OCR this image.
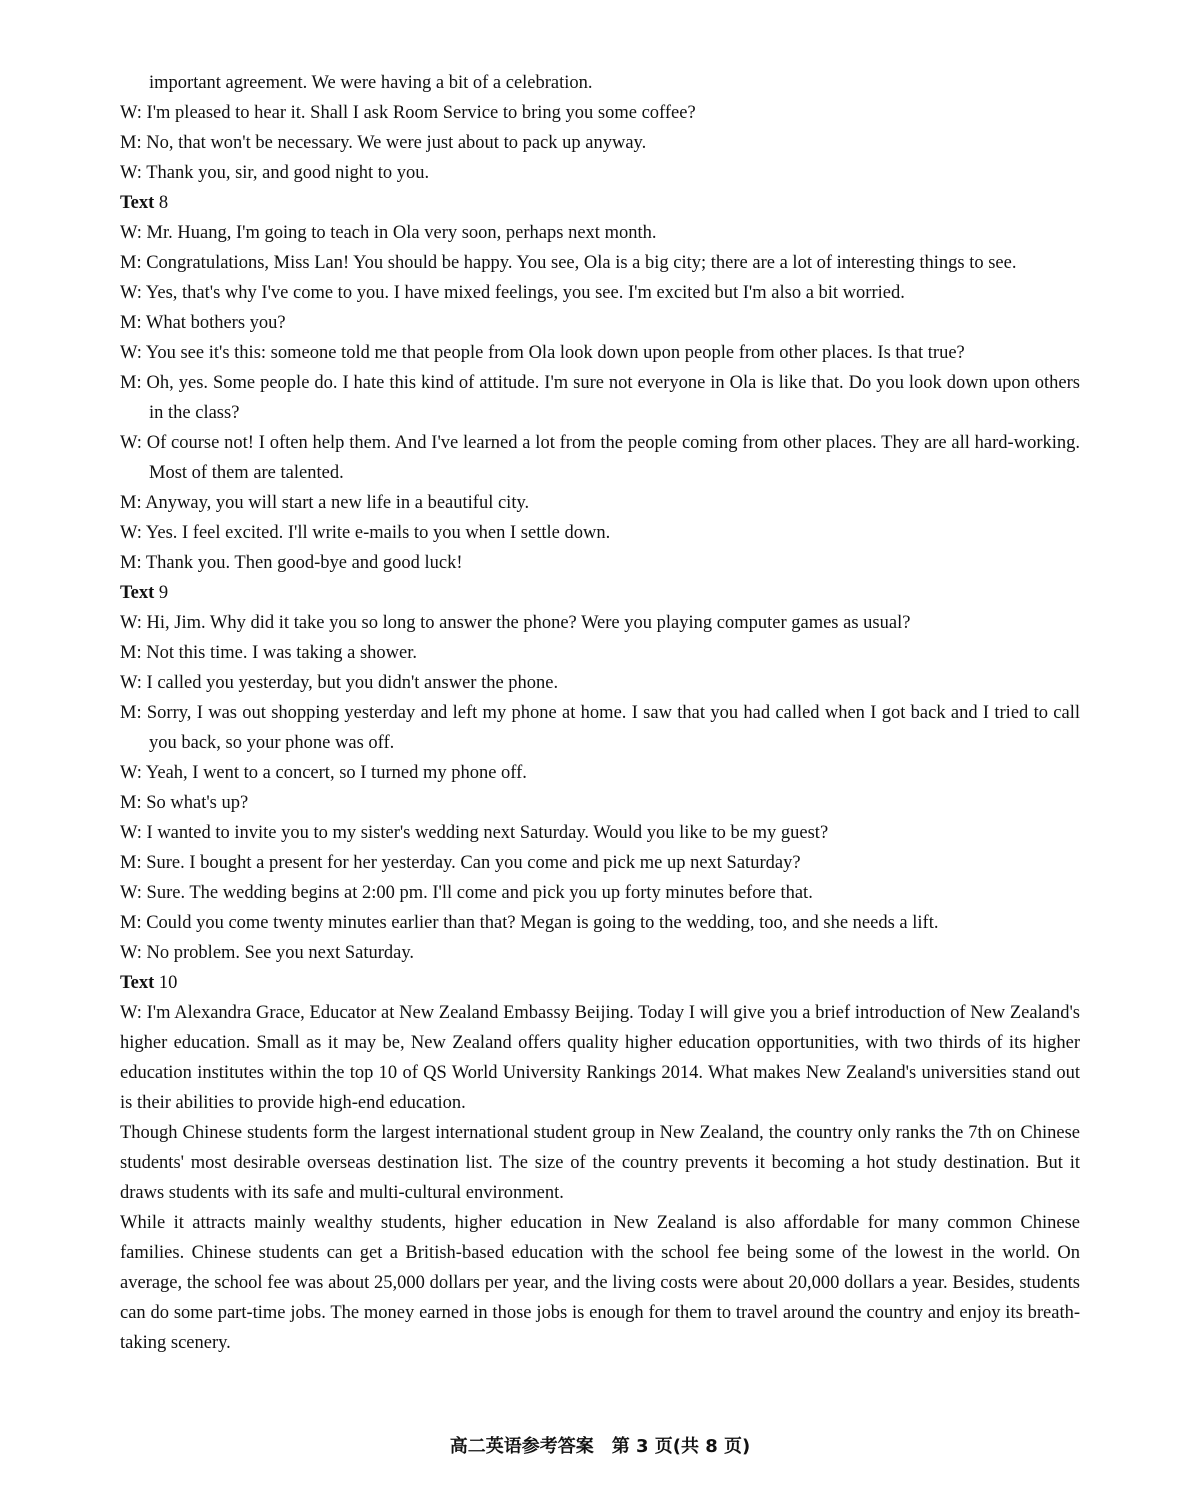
important agreement. We were having a bit of a celebration.

W: I'm pleased to hear it. Shall I ask Room Service to bring you some coffee?

M: No, that won't be necessary. We were just about to pack up anyway.

W: Thank you, sir, and good night to you.

Text 8

W: Mr. Huang, I'm going to teach in Ola very soon, perhaps next month.

M: Congratulations, Miss Lan! You should be happy. You see, Ola is a big city; there are a lot of interesting things to see.

W: Yes, that's why I've come to you. I have mixed feelings, you see. I'm excited but I'm also a bit worried.

M: What bothers you?

W: You see it's this: someone told me that people from Ola look down upon people from other places. Is that true?

M: Oh, yes. Some people do. I hate this kind of attitude. I'm sure not everyone in Ola is like that. Do you look down upon others in the class?

W: Of course not! I often help them. And I've learned a lot from the people coming from other places. They are all hard-working. Most of them are talented.

M: Anyway, you will start a new life in a beautiful city.

W: Yes. I feel excited. I'll write e-mails to you when I settle down.

M: Thank you. Then good-bye and good luck!

Text 9

W: Hi, Jim. Why did it take you so long to answer the phone? Were you playing computer games as usual?

M: Not this time. I was taking a shower.

W: I called you yesterday, but you didn't answer the phone.

M: Sorry, I was out shopping yesterday and left my phone at home. I saw that you had called when I got back and I tried to call you back, so your phone was off.

W: Yeah, I went to a concert, so I turned my phone off.

M: So what's up?

W: I wanted to invite you to my sister's wedding next Saturday. Would you like to be my guest?

M: Sure. I bought a present for her yesterday. Can you come and pick me up next Saturday?

W: Sure. The wedding begins at 2:00 pm. I'll come and pick you up forty minutes before that.

M: Could you come twenty minutes earlier than that? Megan is going to the wedding, too, and she needs a lift.

W: No problem. See you next Saturday.

Text 10

W: I'm Alexandra Grace, Educator at New Zealand Embassy Beijing. Today I will give you a brief introduction of New Zealand's higher education. Small as it may be, New Zealand offers quality higher education opportunities, with two thirds of its higher education institutes within the top 10 of QS World University Rankings 2014. What makes New Zealand's universities stand out is their abilities to provide high-end education.

Though Chinese students form the largest international student group in New Zealand, the country only ranks the 7th on Chinese students' most desirable overseas destination list. The size of the country prevents it becoming a hot study destination. But it draws students with its safe and multi-cultural environment.

While it attracts mainly wealthy students, higher education in New Zealand is also affordable for many common Chinese families. Chinese students can get a British-based education with the school fee being some of the lowest in the world. On average, the school fee was about 25,000 dollars per year, and the living costs were about 20,000 dollars a year. Besides, students can do some part-time jobs. The money earned in those jobs is enough for them to travel around the country and enjoy its breath-taking scenery.

高二英语参考答案　第 3 页(共 8 页)
